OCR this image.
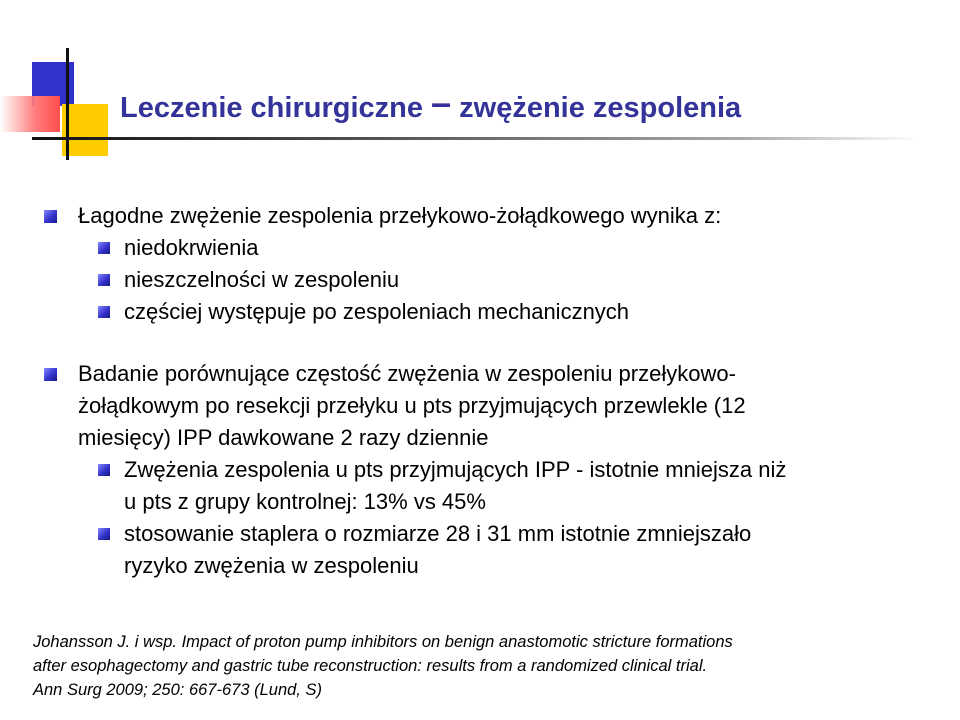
Leczenie chirurgiczne – zwężenie zespolenia

Łagodne zwężenie zespolenia przełykowo-żołądkowego wynika z:

niedokrwienia

nieszczelności w zespoleniu

częściej występuje po zespoleniach mechanicznych

Badanie porównujące częstość zwężenia w zespoleniu przełykowo-
żołądkowym po resekcji przełyku u pts przyjmujących przewlekle (12
miesięcy) IPP dawkowane 2 razy dziennie

Zwężenia zespolenia u pts przyjmujących IPP - istotnie mniejsza niż
u pts z grupy kontrolnej: 13% vs 45%

stosowanie staplera o rozmiarze 28 i 31 mm istotnie zmniejszało
ryzyko zwężenia w zespoleniu

Johansson J. i wsp. Impact of proton pump inhibitors on benign anastomotic stricture formations
after esophagectomy and gastric tube reconstruction: results from a randomized clinical trial.
Ann Surg 2009; 250: 667-673 (Lund, S)
